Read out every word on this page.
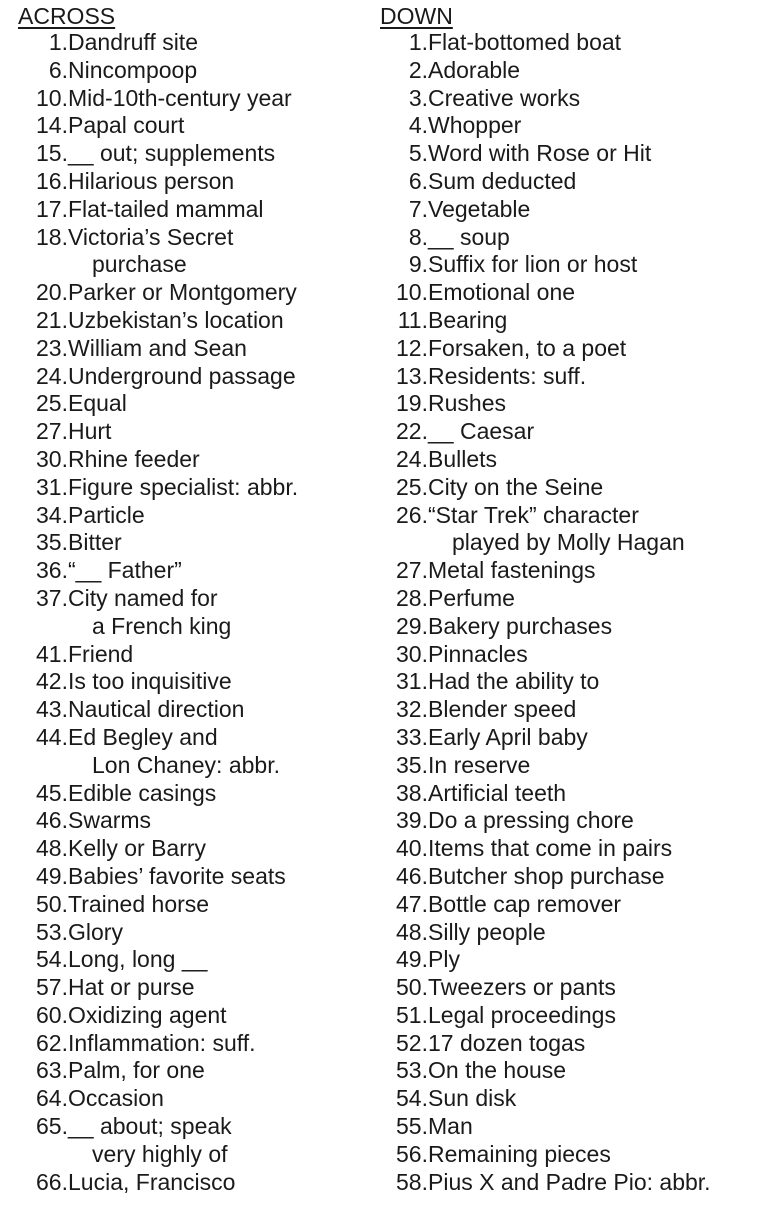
ACROSS
1. Dandruff site
6. Nincompoop
10. Mid-10th-century year
14. Papal court
15. __ out; supplements
16. Hilarious person
17. Flat-tailed mammal
18. Victoria’s Secret
purchase
20. Parker or Montgomery
21. Uzbekistan’s location
23. William and Sean
24. Underground passage
25. Equal
27. Hurt
30. Rhine feeder
31. Figure specialist: abbr.
34. Particle
35. Bitter
36. “__ Father”
37. City named for
a French king
41. Friend
42. Is too inquisitive
43. Nautical direction
44. Ed Begley and
Lon Chaney: abbr.
45. Edible casings
46. Swarms
48. Kelly or Barry
49. Babies’ favorite seats
50. Trained horse
53. Glory
54. Long, long __
57. Hat or purse
60. Oxidizing agent
62. Inflammation: suff.
63. Palm, for one
64. Occasion
65. __ about; speak
very highly of
66. Lucia, Francisco
DOWN
1. Flat-bottomed boat
2. Adorable
3. Creative works
4. Whopper
5. Word with Rose or Hit
6. Sum deducted
7. Vegetable
8. __ soup
9. Suffix for lion or host
10. Emotional one
11. Bearing
12. Forsaken, to a poet
13. Residents: suff.
19. Rushes
22. __ Caesar
24. Bullets
25. City on the Seine
26. “Star Trek” character
played by Molly Hagan
27. Metal fastenings
28. Perfume
29. Bakery purchases
30. Pinnacles
31. Had the ability to
32. Blender speed
33. Early April baby
35. In reserve
38. Artificial teeth
39. Do a pressing chore
40. Items that come in pairs
46. Butcher shop purchase
47. Bottle cap remover
48. Silly people
49. Ply
50. Tweezers or pants
51. Legal proceedings
52. 17 dozen togas
53. On the house
54. Sun disk
55. Man
56. Remaining pieces
58. Pius X and Padre Pio: abbr.
